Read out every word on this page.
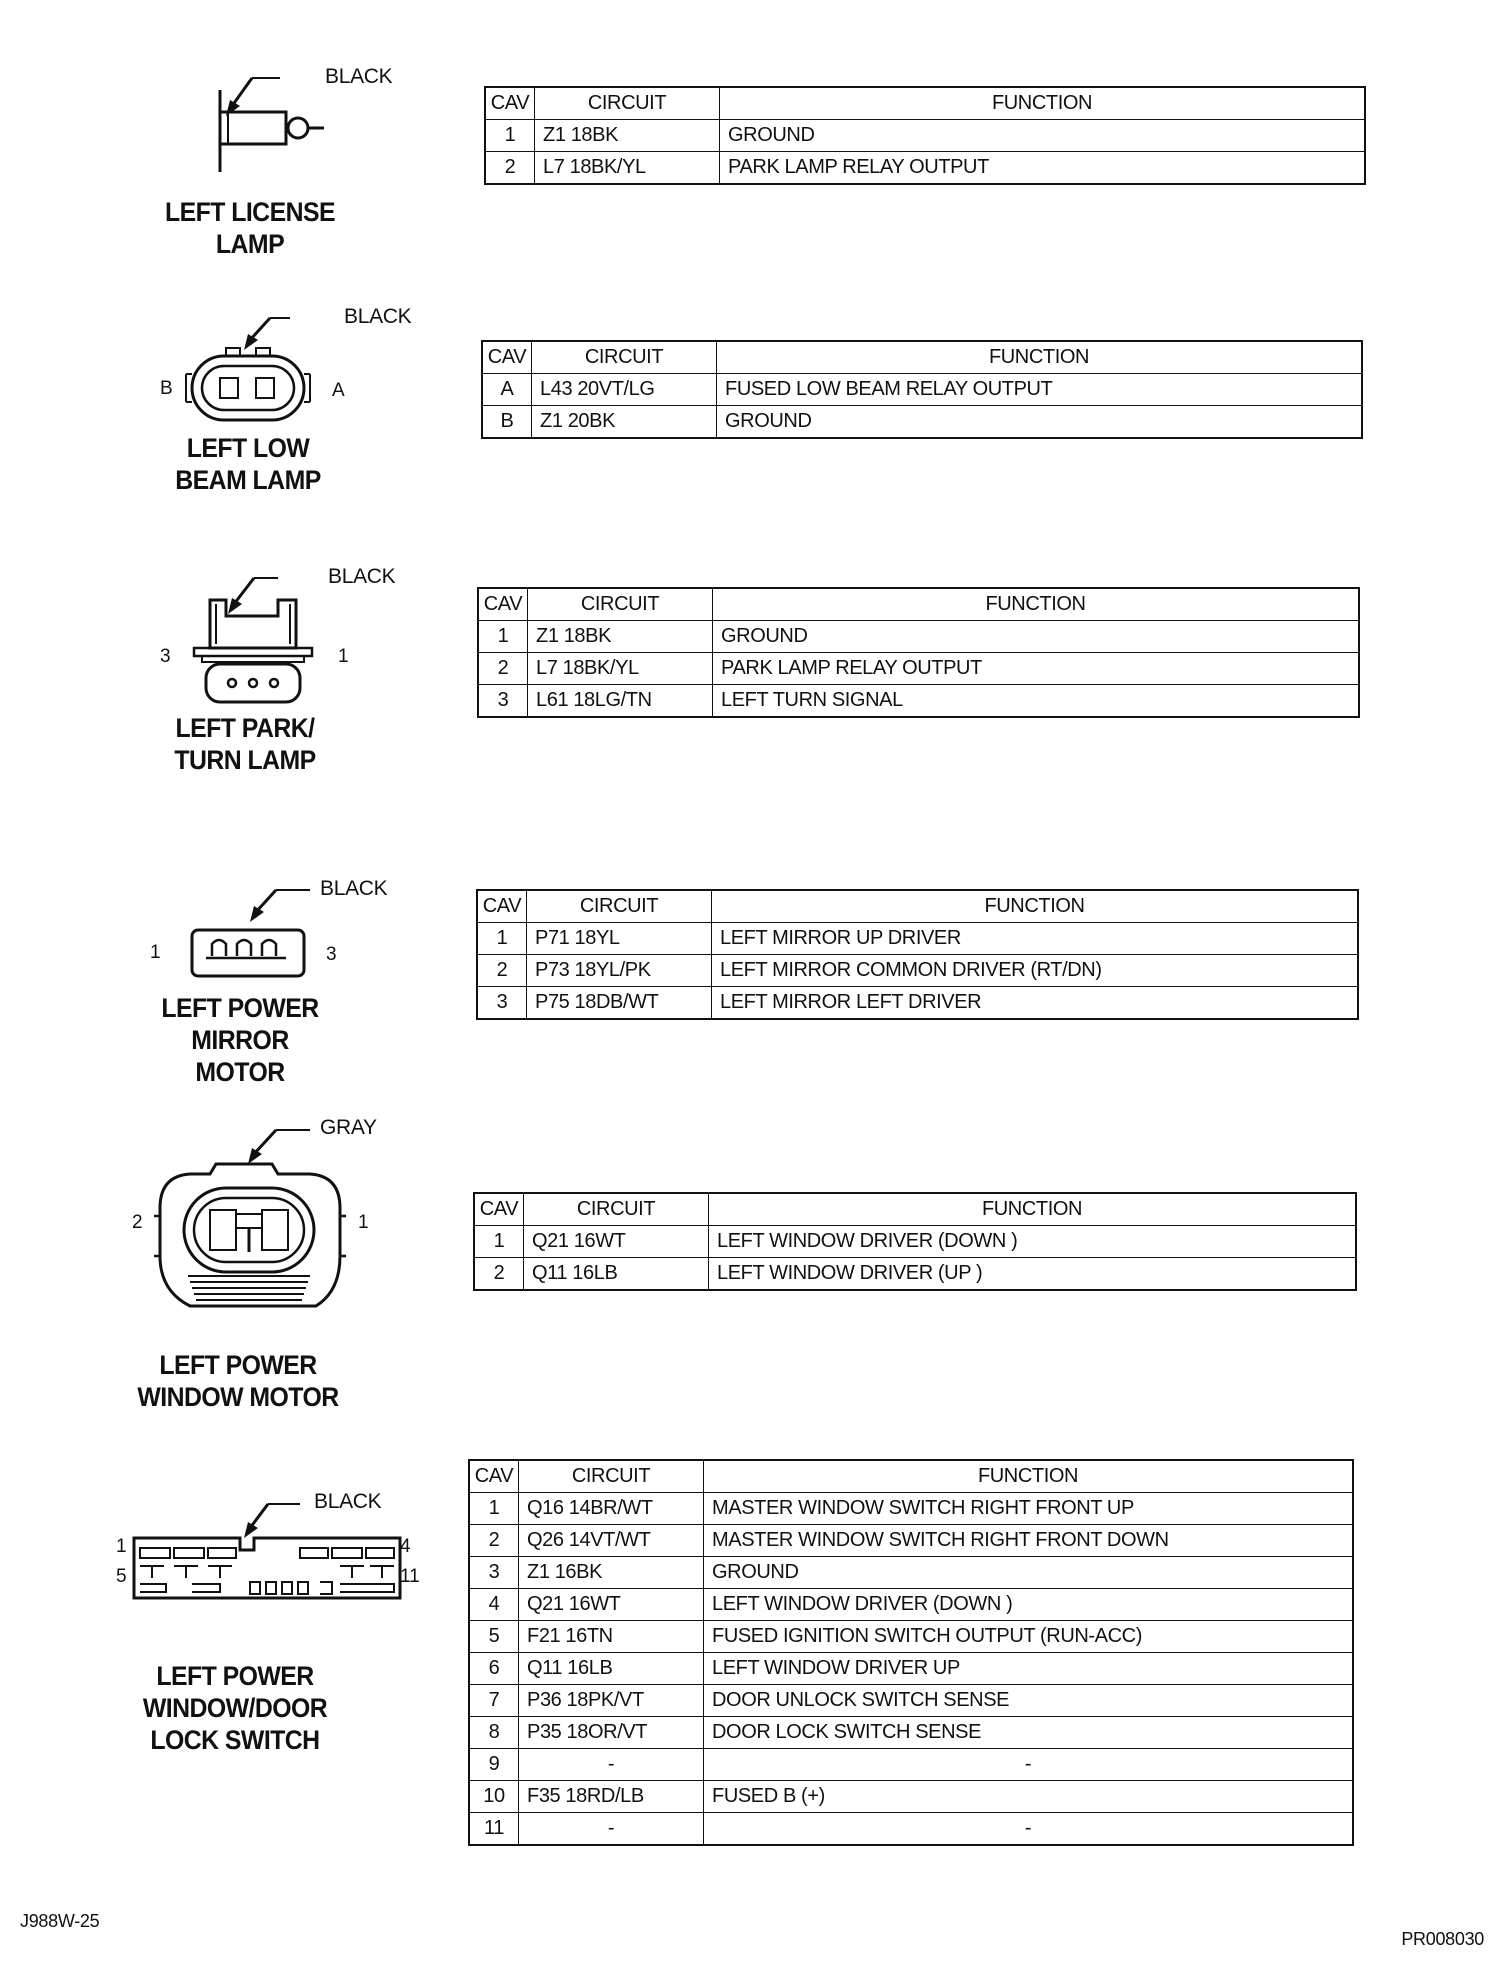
BLACK
LEFT LICENSE
LAMP
CAV	CIRCUIT	FUNCTION
1	Z1 18BK	GROUND
2	L7 18BK/YL	PARK LAMP RELAY OUTPUT
BLACK
B	A
LEFT LOW
BEAM LAMP
CAV	CIRCUIT	FUNCTION
A	L43 20VT/LG	FUSED LOW BEAM RELAY OUTPUT
B	Z1 20BK	GROUND
BLACK
3	1
LEFT PARK/
TURN LAMP
CAV	CIRCUIT	FUNCTION
1	Z1 18BK	GROUND
2	L7 18BK/YL	PARK LAMP RELAY OUTPUT
3	L61 18LG/TN	LEFT TURN SIGNAL
BLACK
1	3
LEFT POWER
MIRROR
MOTOR
CAV	CIRCUIT	FUNCTION
1	P71 18YL	LEFT MIRROR UP DRIVER
2	P73 18YL/PK	LEFT MIRROR COMMON DRIVER (RT/DN)
3	P75 18DB/WT	LEFT MIRROR LEFT DRIVER
GRAY
2	1
LEFT POWER
WINDOW MOTOR
CAV	CIRCUIT	FUNCTION
1	Q21 16WT	LEFT WINDOW DRIVER (DOWN )
2	Q11 16LB	LEFT WINDOW DRIVER (UP )
BLACK
1	4
5	11
LEFT POWER
WINDOW/DOOR
LOCK SWITCH
CAV	CIRCUIT	FUNCTION
1	Q16 14BR/WT	MASTER WINDOW SWITCH RIGHT FRONT UP
2	Q26 14VT/WT	MASTER WINDOW SWITCH RIGHT FRONT DOWN
3	Z1 16BK	GROUND
4	Q21 16WT	LEFT WINDOW DRIVER (DOWN )
5	F21 16TN	FUSED IGNITION SWITCH OUTPUT (RUN-ACC)
6	Q11 16LB	LEFT WINDOW DRIVER UP
7	P36 18PK/VT	DOOR UNLOCK SWITCH SENSE
8	P35 18OR/VT	DOOR LOCK SWITCH SENSE
9	-	-
10	F35 18RD/LB	FUSED B (+)
11	-	-
J988W-25
PR008030
